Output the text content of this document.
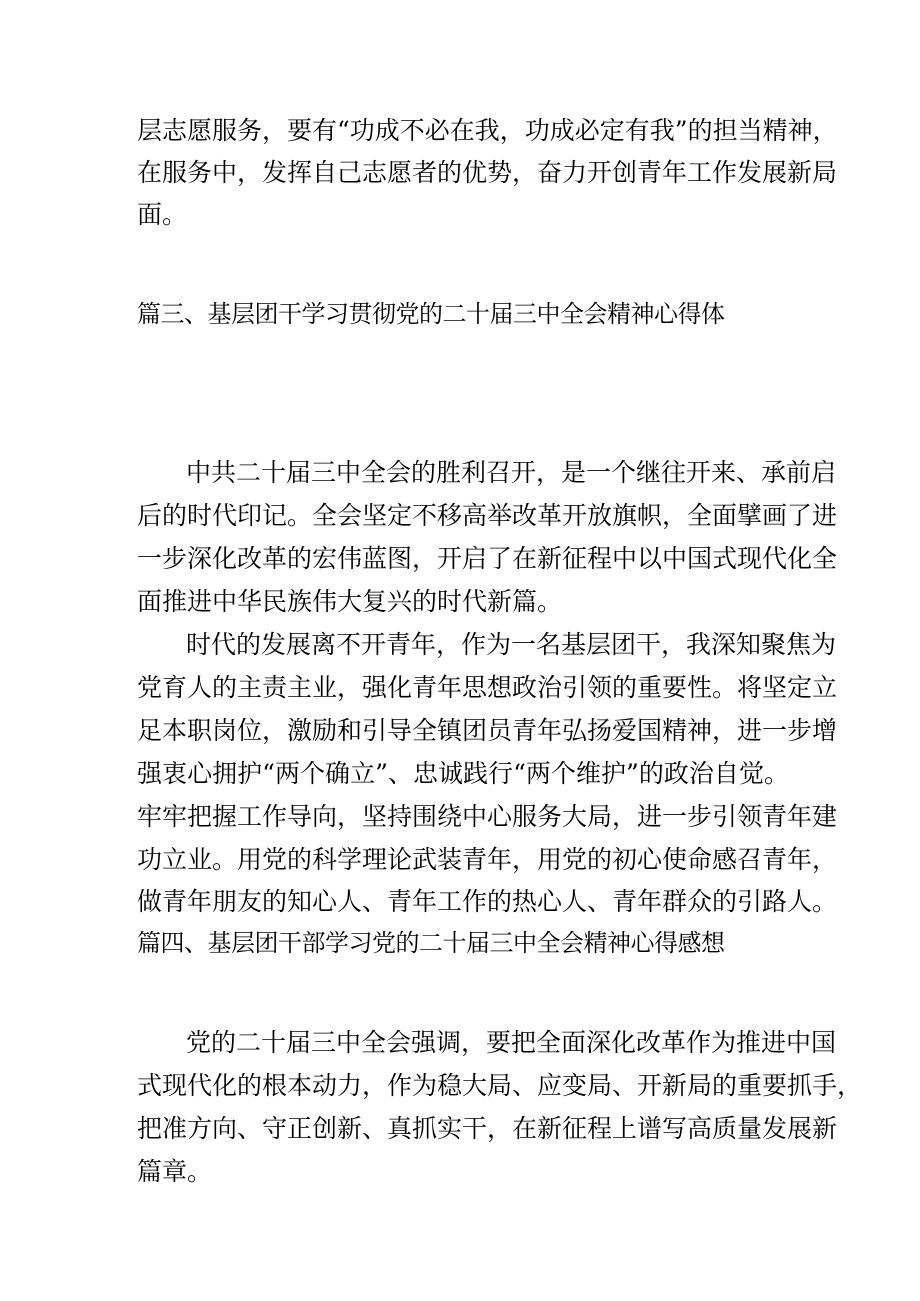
层志愿服务，要有“功成不必在我，功成必定有我”的担当精神，
在服务中，发挥自己志愿者的优势，奋力开创青年工作发展新局
面。
篇三、基层团干学习贯彻党的二十届三中全会精神心得体
中共二十届三中全会的胜利召开，是一个继往开来、承前启
后的时代印记。全会坚定不移高举改革开放旗帜，全面擘画了进
一步深化改革的宏伟蓝图，开启了在新征程中以中国式现代化全
面推进中华民族伟大复兴的时代新篇。
时代的发展离不开青年，作为一名基层团干，我深知聚焦为
党育人的主责主业，强化青年思想政治引领的重要性。将坚定立
足本职岗位，激励和引导全镇团员青年弘扬爱国精神，进一步增
强衷心拥护“两个确立”、忠诚践行“两个维护”的政治自觉。
牢牢把握工作导向，坚持围绕中心服务大局，进一步引领青年建
功立业。用党的科学理论武装青年，用党的初心使命感召青年，
做青年朋友的知心人、青年工作的热心人、青年群众的引路人。
篇四、基层团干部学习党的二十届三中全会精神心得感想
党的二十届三中全会强调，要把全面深化改革作为推进中国
式现代化的根本动力，作为稳大局、应变局、开新局的重要抓手，
把准方向、守正创新、真抓实干，在新征程上谱写高质量发展新
篇章。
